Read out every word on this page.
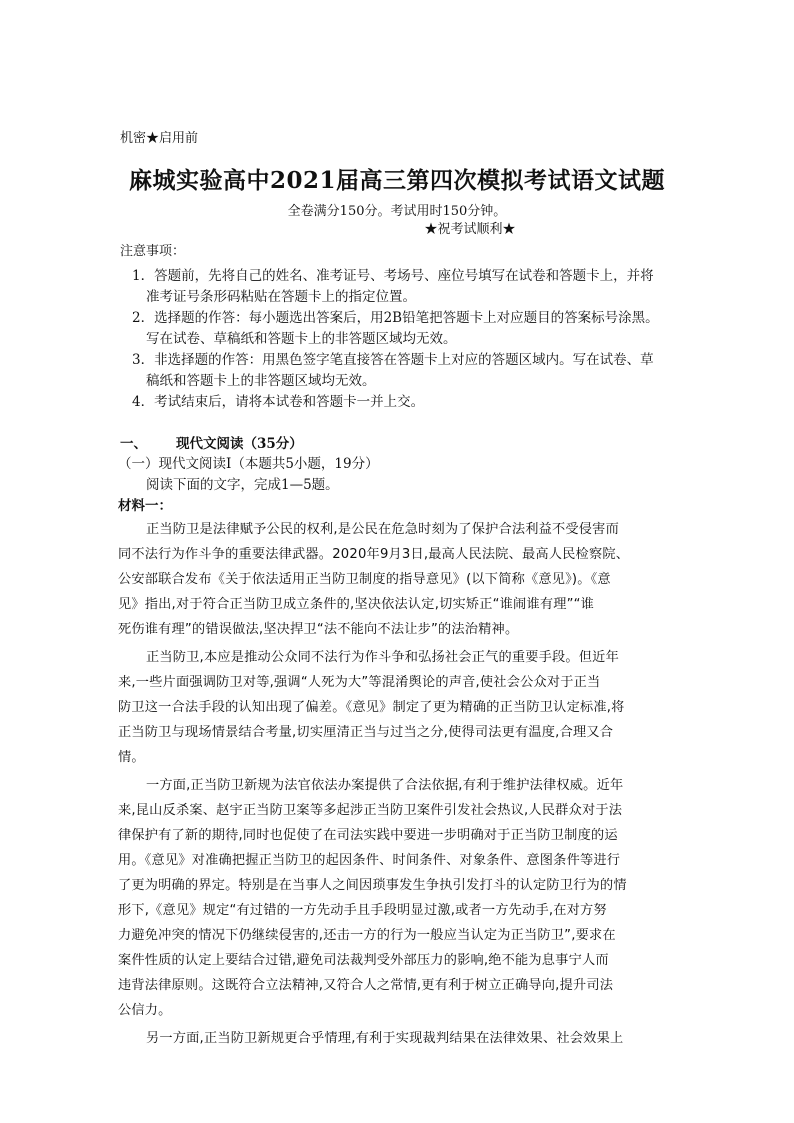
机密★启用前
麻城实验高中2021届高三第四次模拟考试语文试题
全卷满分150分。考试用时150分钟。
★祝考试顺利★
注意事项：
1．答题前，先将自己的姓名、准考证号、考场号、座位号填写在试卷和答题卡上，并将
准考证号条形码粘贴在答题卡上的指定位置。
2．选择题的作答：每小题选出答案后，用2B铅笔把答题卡上对应题目的答案标号涂黑。
写在试卷、草稿纸和答题卡上的非答题区域均无效。
3．非选择题的作答：用黑色签字笔直接答在答题卡上对应的答题区域内。写在试卷、草
稿纸和答题卡上的非答题区域均无效。
4．考试结束后，请将本试卷和答题卡一并上交。
一、 现代文阅读（35分）
（一）现代文阅读Ⅰ（本题共5小题，19分）
阅读下面的文字，完成1—5题。
材料一：
正当防卫是法律赋予公民的权利,是公民在危急时刻为了保护合法利益不受侵害而
同不法行为作斗争的重要法律武器。2020年9月3日,最高人民法院、最高人民检察院、
公安部联合发布《关于依法适用正当防卫制度的指导意见》(以下简称《意见》)。《意
见》指出,对于符合正当防卫成立条件的,坚决依法认定,切实矫正“谁闹谁有理”“谁
死伤谁有理”的错误做法,坚决捍卫“法不能向不法让步”的法治精神。
正当防卫,本应是推动公众同不法行为作斗争和弘扬社会正气的重要手段。但近年
来,一些片面强调防卫对等,强调“人死为大”等混淆舆论的声音,使社会公众对于正当
防卫这一合法手段的认知出现了偏差。《意见》制定了更为精确的正当防卫认定标准,将
正当防卫与现场情景结合考量,切实厘清正当与过当之分,使得司法更有温度,合理又合
情。
一方面,正当防卫新规为法官依法办案提供了合法依据,有利于维护法律权威。近年
来,昆山反杀案、赵宇正当防卫案等多起涉正当防卫案件引发社会热议,人民群众对于法
律保护有了新的期待,同时也促使了在司法实践中要进一步明确对于正当防卫制度的运
用。《意见》对准确把握正当防卫的起因条件、时间条件、对象条件、意图条件等进行
了更为明确的界定。特别是在当事人之间因琐事发生争执引发打斗的认定防卫行为的情
形下,《意见》规定“有过错的一方先动手且手段明显过激,或者一方先动手,在对方努
力避免冲突的情况下仍继续侵害的,还击一方的行为一般应当认定为正当防卫”,要求在
案件性质的认定上要结合过错,避免司法裁判受外部压力的影响,绝不能为息事宁人而
违背法律原则。这既符合立法精神,又符合人之常情,更有利于树立正确导向,提升司法
公信力。
另一方面,正当防卫新规更合乎情理,有利于实现裁判结果在法律效果、社会效果上
